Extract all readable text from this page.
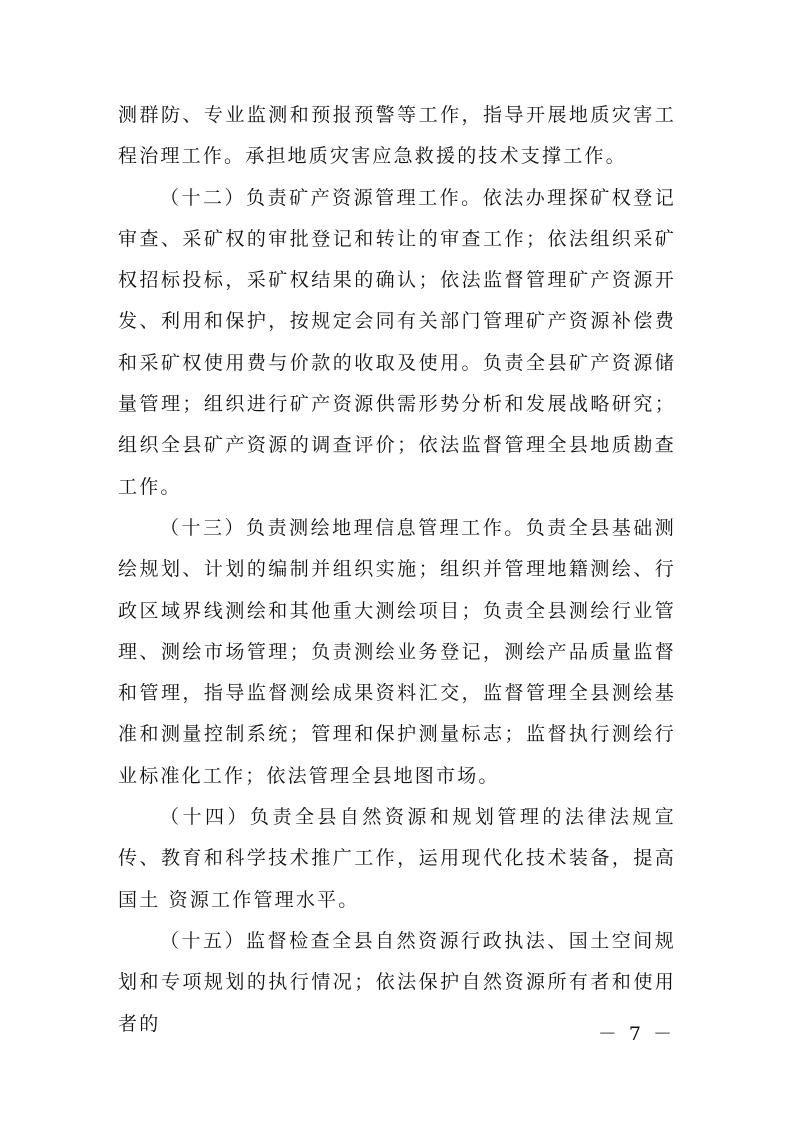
测群防、专业监测和预报预警等工作，指导开展地质灾害工程治理工作。承担地质灾害应急救援的技术支撑工作。

（十二）负责矿产资源管理工作。依法办理探矿权登记审查、采矿权的审批登记和转让的审查工作；依法组织采矿权招标投标，采矿权结果的确认；依法监督管理矿产资源开发、利用和保护，按规定会同有关部门管理矿产资源补偿费和采矿权使用费与价款的收取及使用。负责全县矿产资源储量管理；组织进行矿产资源供需形势分析和发展战略研究；组织全县矿产资源的调查评价；依法监督管理全县地质勘查工作。

（十三）负责测绘地理信息管理工作。负责全县基础测绘规划、计划的编制并组织实施；组织并管理地籍测绘、行政区域界线测绘和其他重大测绘项目；负责全县测绘行业管理、测绘市场管理；负责测绘业务登记，测绘产品质量监督和管理，指导监督测绘成果资料汇交，监督管理全县测绘基准和测量控制系统；管理和保护测量标志；监督执行测绘行业标准化工作；依法管理全县地图市场。

（十四）负责全县自然资源和规划管理的法律法规宣传、教育和科学技术推广工作，运用现代化技术装备，提高国土 资源工作管理水平。

（十五）监督检查全县自然资源行政执法、国土空间规划和专项规划的执行情况；依法保护自然资源所有者和使用者的	－ 7 －
